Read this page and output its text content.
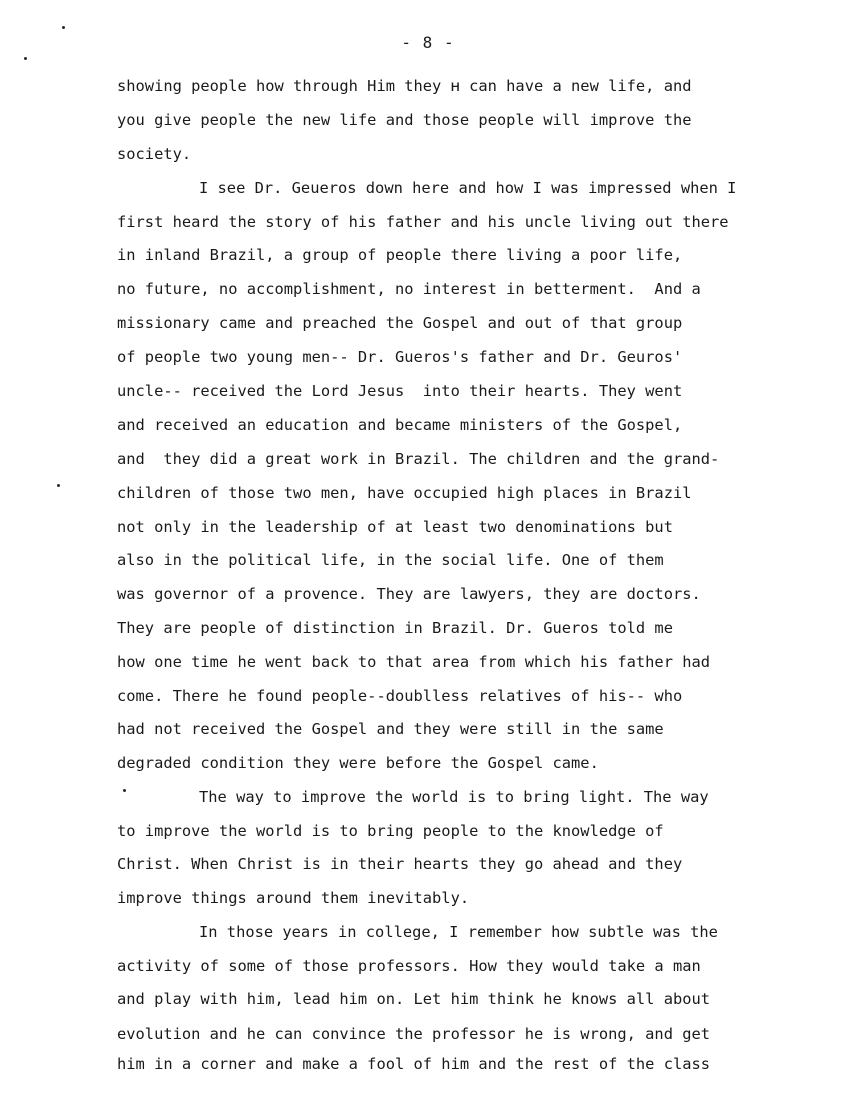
- 8 -
showing people how through Him they ʜ can have a new life, and
you give people the new life and those people will improve the
society.
I see Dr. Geueros down here and how I was impressed when I
first heard the story of his father and his uncle living out there
in inland Brazil, a group of people there living a poor life,
no future, no accomplishment, no interest in betterment.  And a
missionary came and preached the Gospel and out of that group
of people two young men-- Dr. Gueros's father and Dr. Geuros'
uncle-- received the Lord Jesus  into their hearts. They went
and received an education and became ministers of the Gospel,
and  they did a great work in Brazil. The children and the grand-
children of those two men, have occupied high places in Brazil
not only in the leadership of at least two denominations but
also in the political life, in the social life. One of them
was governor of a provence. They are lawyers, they are doctors.
They are people of distinction in Brazil. Dr. Gueros told me
how one time he went back to that area from which his father had
come. There he found people--doublless relatives of his-- who
had not received the Gospel and they were still in the same
degraded condition they were before the Gospel came.
The way to improve the world is to bring light. The way
to improve the world is to bring people to the knowledge of
Christ. When Christ is in their hearts they go ahead and they
improve things around them inevitably.
In those years in college, I remember how subtle was the
activity of some of those professors. How they would take a man
and play with him, lead him on. Let him think he knows all about
evolution and he can convince the professor he is wrong, and get
him in a corner and make a fool of him and the rest of the class
